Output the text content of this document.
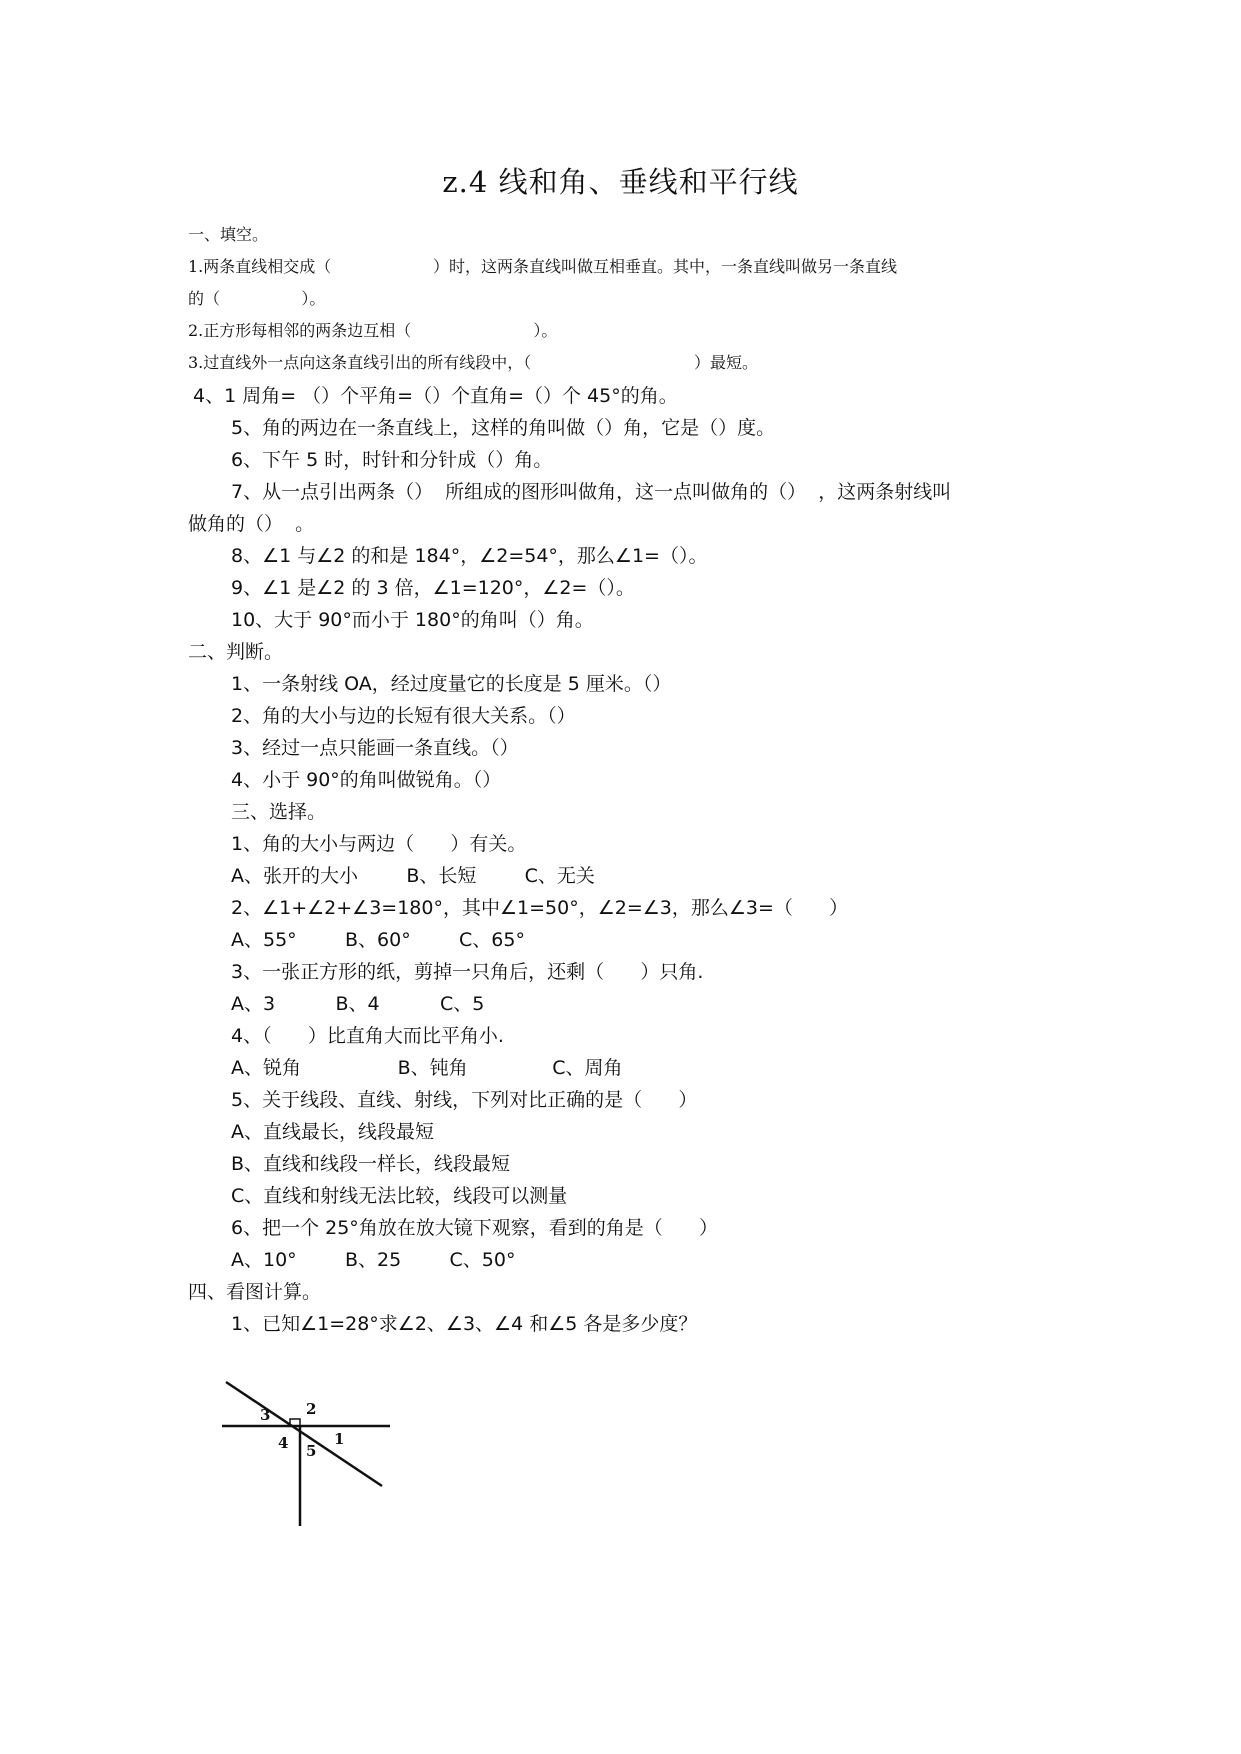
z.4 线和角、垂线和平行线
一、填空。
1.两条直线相交成（                    ）时，这两条直线叫做互相垂直。其中，一条直线叫做另一条直线
的（                ）。
2.正方形每相邻的两条边互相（                        ）。
3.过直线外一点向这条直线引出的所有线段中，（                                ）最短。
4、1 周角= （）个平角=（）个直角=（）个 45°的角。
5、角的两边在一条直线上，这样的角叫做（）角，它是（）度。
6、下午 5 时，时针和分针成（）角。
7、从一点引出两条（）  所组成的图形叫做角，这一点叫做角的（）  ，这两条射线叫
做角的（）  。
8、∠1 与∠2 的和是 184°，∠2=54°，那么∠1=（）。
9、∠1 是∠2 的 3 倍，∠1=120°，∠2=（）。
10、大于 90°而小于 180°的角叫（）角。
二、判断。
1、一条射线 OA，经过度量它的长度是 5 厘米。（）
2、角的大小与边的长短有很大关系。（）
3、经过一点只能画一条直线。（）
4、小于 90°的角叫做锐角。（）
三、选择。
1、角的大小与两边（      ）有关。
A、张开的大小        B、长短        C、无关
2、∠1+∠2+∠3=180°，其中∠1=50°，∠2=∠3，那么∠3=（      ）
A、55°        B、60°        C、65°
3、一张正方形的纸，剪掉一只角后，还剩（      ）只角.
A、3          B、4          C、5
4、（      ）比直角大而比平角小.
A、锐角                B、钝角              C、周角
5、关于线段、直线、射线，下列对比正确的是（      ）
A、直线最长，线段最短
B、直线和线段一样长，线段最短
C、直线和射线无法比较，线段可以测量
6、把一个 25°角放在放大镜下观察，看到的角是（      ）
A、10°        B、25        C、50°
四、看图计算。
1、已知∠1=28°求∠2、∠3、∠4 和∠5 各是多少度？
3 2
4 5
1
